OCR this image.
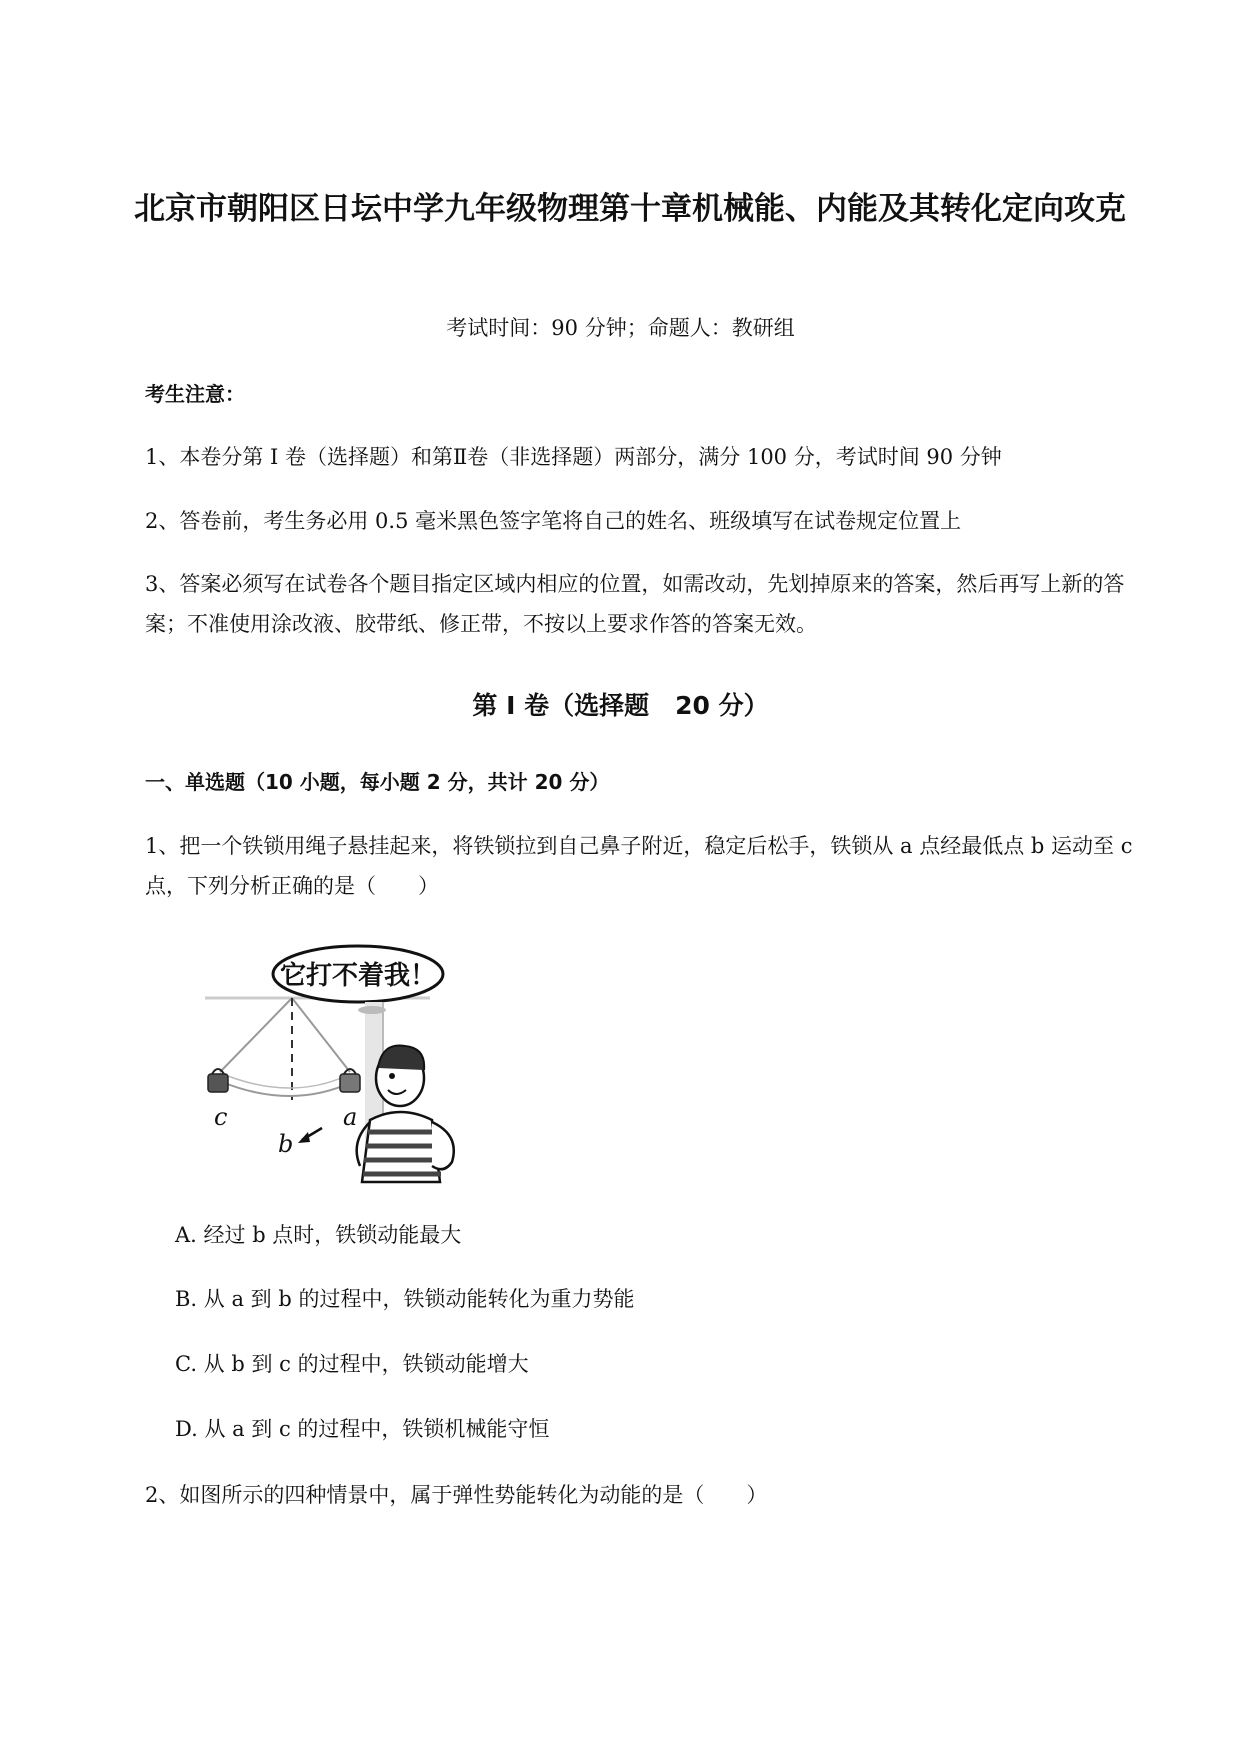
北京市朝阳区日坛中学九年级物理第十章机械能、内能及其转化定向攻克
考试时间：90 分钟；命题人：教研组
考生注意：
1、本卷分第 I 卷（选择题）和第Ⅱ卷（非选择题）两部分，满分 100 分，考试时间 90 分钟
2、答卷前，考生务必用 0.5 毫米黑色签字笔将自己的姓名、班级填写在试卷规定位置上
3、答案必须写在试卷各个题目指定区域内相应的位置，如需改动，先划掉原来的答案，然后再写上新的答案；不准使用涂改液、胶带纸、修正带，不按以上要求作答的答案无效。
第 I 卷（选择题 20 分）
一、单选题（10 小题，每小题 2 分，共计 20 分）
1、把一个铁锁用绳子悬挂起来，将铁锁拉到自己鼻子附近，稳定后松手，铁锁从 a 点经最低点 b 运动至 c 点，下列分析正确的是（　　）
它打不着我！
c
b
a
A. 经过 b 点时，铁锁动能最大
B. 从 a 到 b 的过程中，铁锁动能转化为重力势能
C. 从 b 到 c 的过程中，铁锁动能增大
D. 从 a 到 c 的过程中，铁锁机械能守恒
2、如图所示的四种情景中，属于弹性势能转化为动能的是（　　）
